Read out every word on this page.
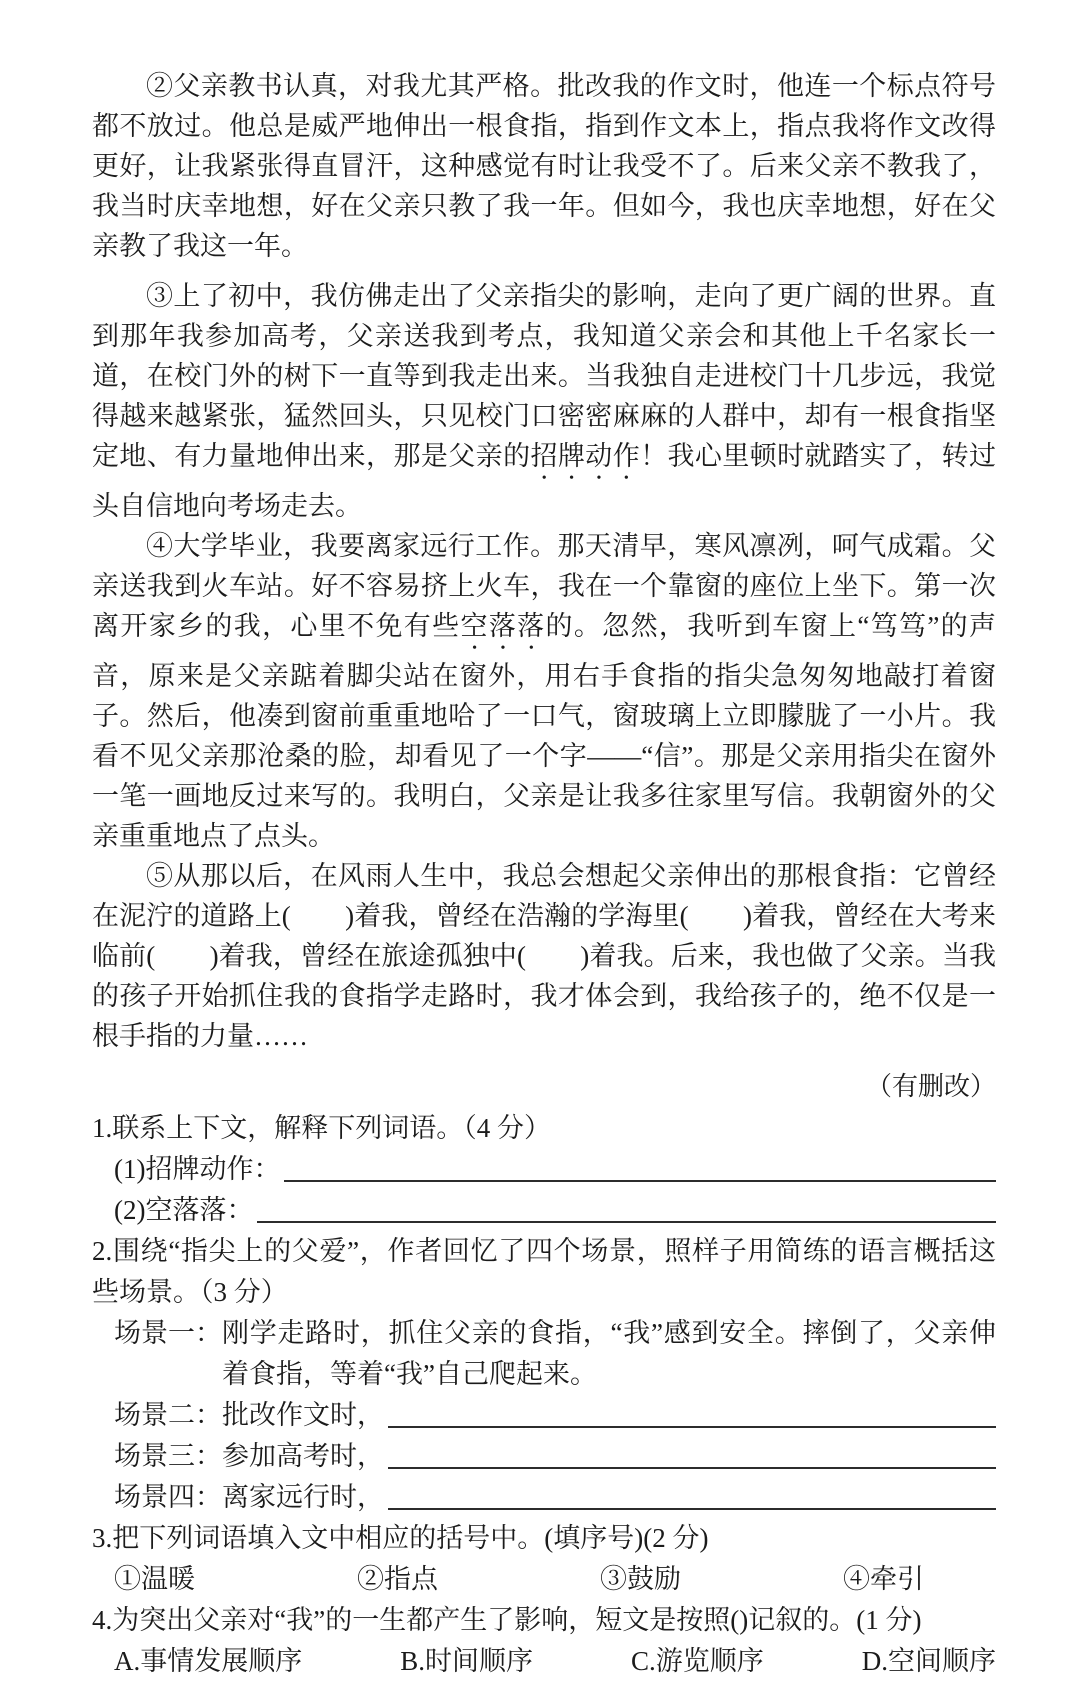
②父亲教书认真，对我尤其严格。批改我的作文时，他连一个标点符号都不放过。他总是威严地伸出一根食指，指到作文本上，指点我将作文改得更好，让我紧张得直冒汗，这种感觉有时让我受不了。后来父亲不教我了，我当时庆幸地想，好在父亲只教了我一年。但如今，我也庆幸地想，好在父亲教了我这一年。

③上了初中，我仿佛走出了父亲指尖的影响，走向了更广阔的世界。直到那年我参加高考，父亲送我到考点，我知道父亲会和其他上千名家长一道，在校门外的树下一直等到我走出来。当我独自走进校门十几步远，我觉得越来越紧张，猛然回头，只见校门口密密麻麻的人群中，却有一根食指坚定地、有力量地伸出来，那是父亲的招牌动作！我心里顿时就踏实了，转过头自信地向考场走去。

④大学毕业，我要离家远行工作。那天清早，寒风凛冽，呵气成霜。父亲送我到火车站。好不容易挤上火车，我在一个靠窗的座位上坐下。第一次离开家乡的我，心里不免有些空落落的。忽然，我听到车窗上“笃笃”的声音，原来是父亲踮着脚尖站在窗外，用右手食指的指尖急匆匆地敲打着窗子。然后，他凑到窗前重重地哈了一口气，窗玻璃上立即朦胧了一小片。我看不见父亲那沧桑的脸，却看见了一个字——“信”。那是父亲用指尖在窗外一笔一画地反过来写的。我明白，父亲是让我多往家里写信。我朝窗外的父亲重重地点了点头。

⑤从那以后，在风雨人生中，我总会想起父亲伸出的那根食指：它曾经在泥泞的道路上(　　)着我，曾经在浩瀚的学海里(　　)着我，曾经在大考来临前(　　)着我，曾经在旅途孤独中(　　)着我。后来，我也做了父亲。当我的孩子开始抓住我的食指学走路时，我才体会到，我给孩子的，绝不仅是一根手指的力量……

（有删改）

1.联系上下文，解释下列词语。（4 分）

(1)招牌动作：
(2)空落落：

2.围绕“指尖上的父爱”，作者回忆了四个场景，照样子用简练的语言概括这些场景。（3 分）

场景一： 刚学走路时，抓住父亲的食指，“我”感到安全。摔倒了，父亲伸着食指，等着“我”自己爬起来。
场景二： 批改作文时，
场景三： 参加高考时，
场景四： 离家远行时，

3.把下列词语填入文中相应的括号中。(填序号)(2 分)

①温暖	②指点	③鼓励	④牵引

4.为突出父亲对“我”的一生都产生了影响，短文是按照()记叙的。(1 分)

A.事情发展顺序	B.时间顺序	C.游览顺序	D.空间顺序
